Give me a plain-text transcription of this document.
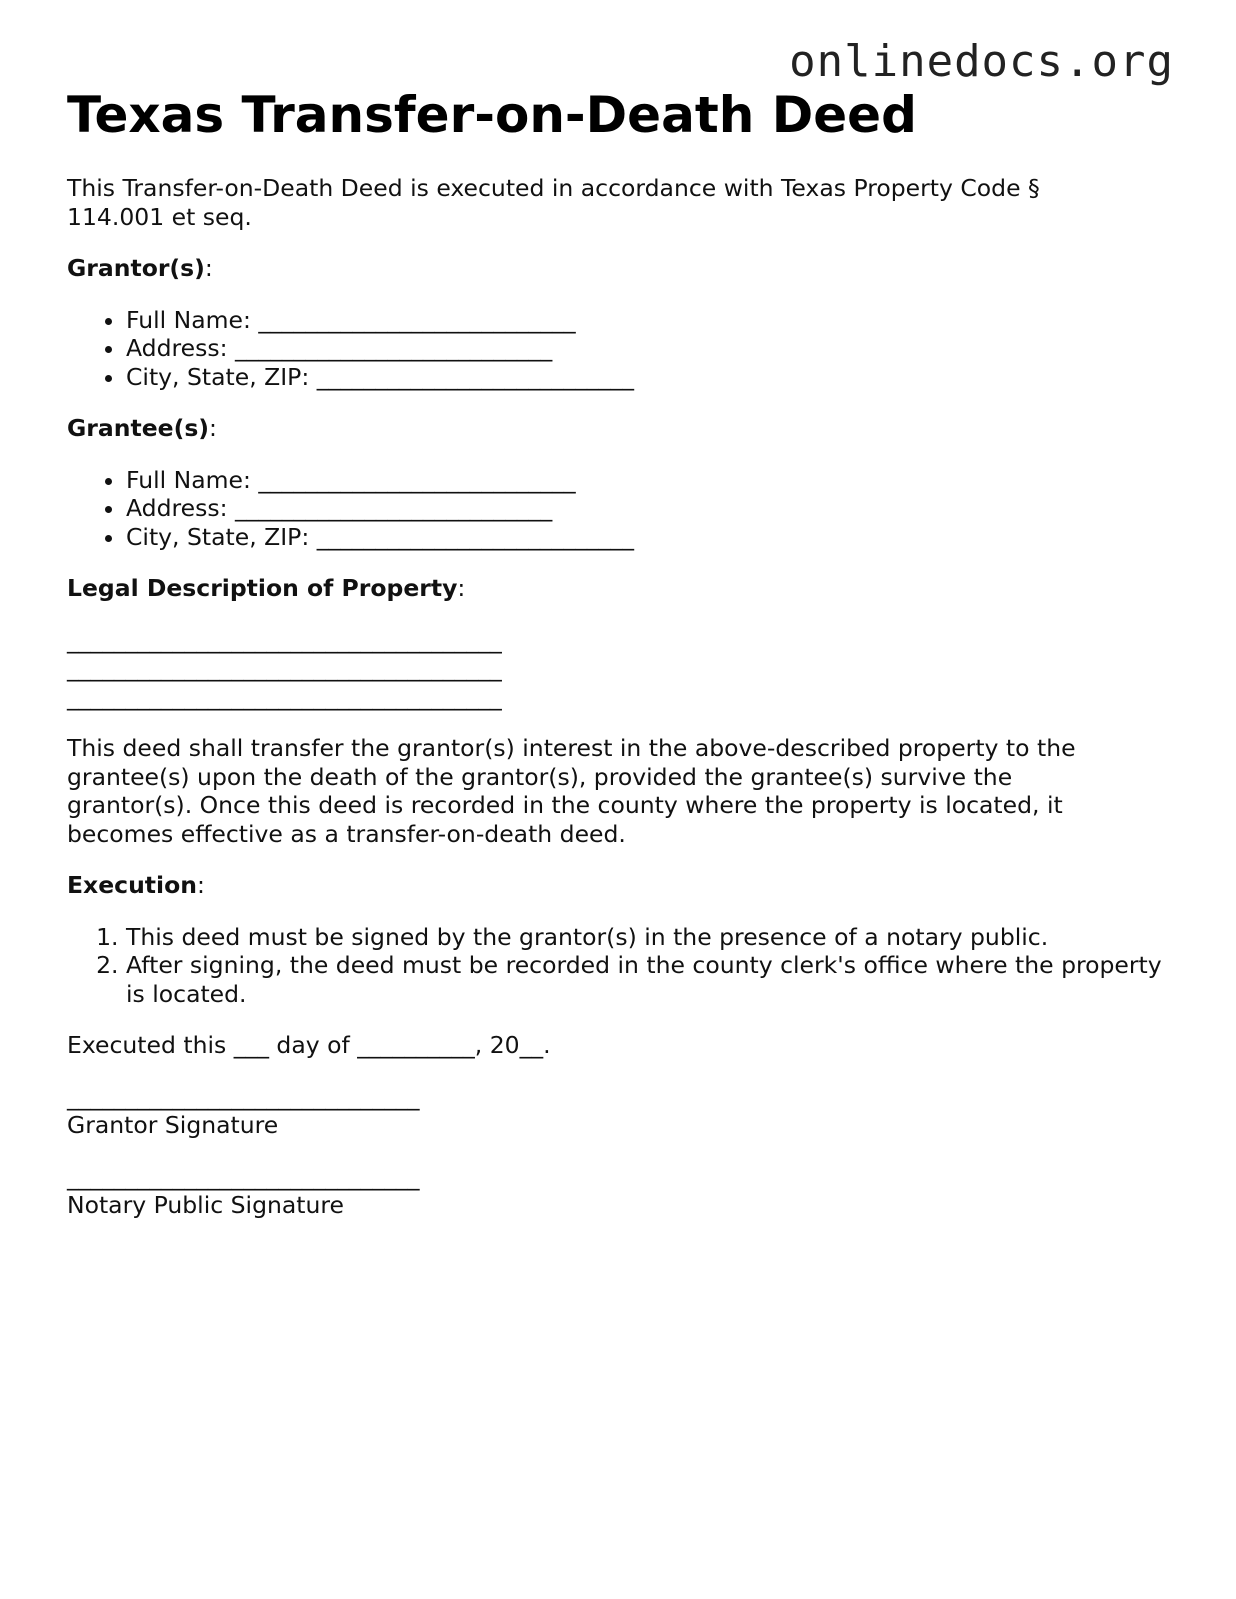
onlinedocs.org
Texas Transfer-on-Death Deed

This Transfer-on-Death Deed is executed in accordance with Texas Property Code § 114.001 et seq.

Grantor(s):

• Full Name: ___________________________
• Address: ___________________________
• City, State, ZIP: ___________________________

Grantee(s):

• Full Name: ___________________________
• Address: ___________________________
• City, State, ZIP: ___________________________

Legal Description of Property:

_____________________________________
_____________________________________
_____________________________________

This deed shall transfer the grantor(s) interest in the above-described property to the grantee(s) upon the death of the grantor(s), provided the grantee(s) survive the grantor(s). Once this deed is recorded in the county where the property is located, it becomes effective as a transfer-on-death deed.

Execution:

1. This deed must be signed by the grantor(s) in the presence of a notary public.
2. After signing, the deed must be recorded in the county clerk's office where the property is located.

Executed this ___ day of __________, 20__.

______________________________
Grantor Signature
______________________________
Notary Public Signature
